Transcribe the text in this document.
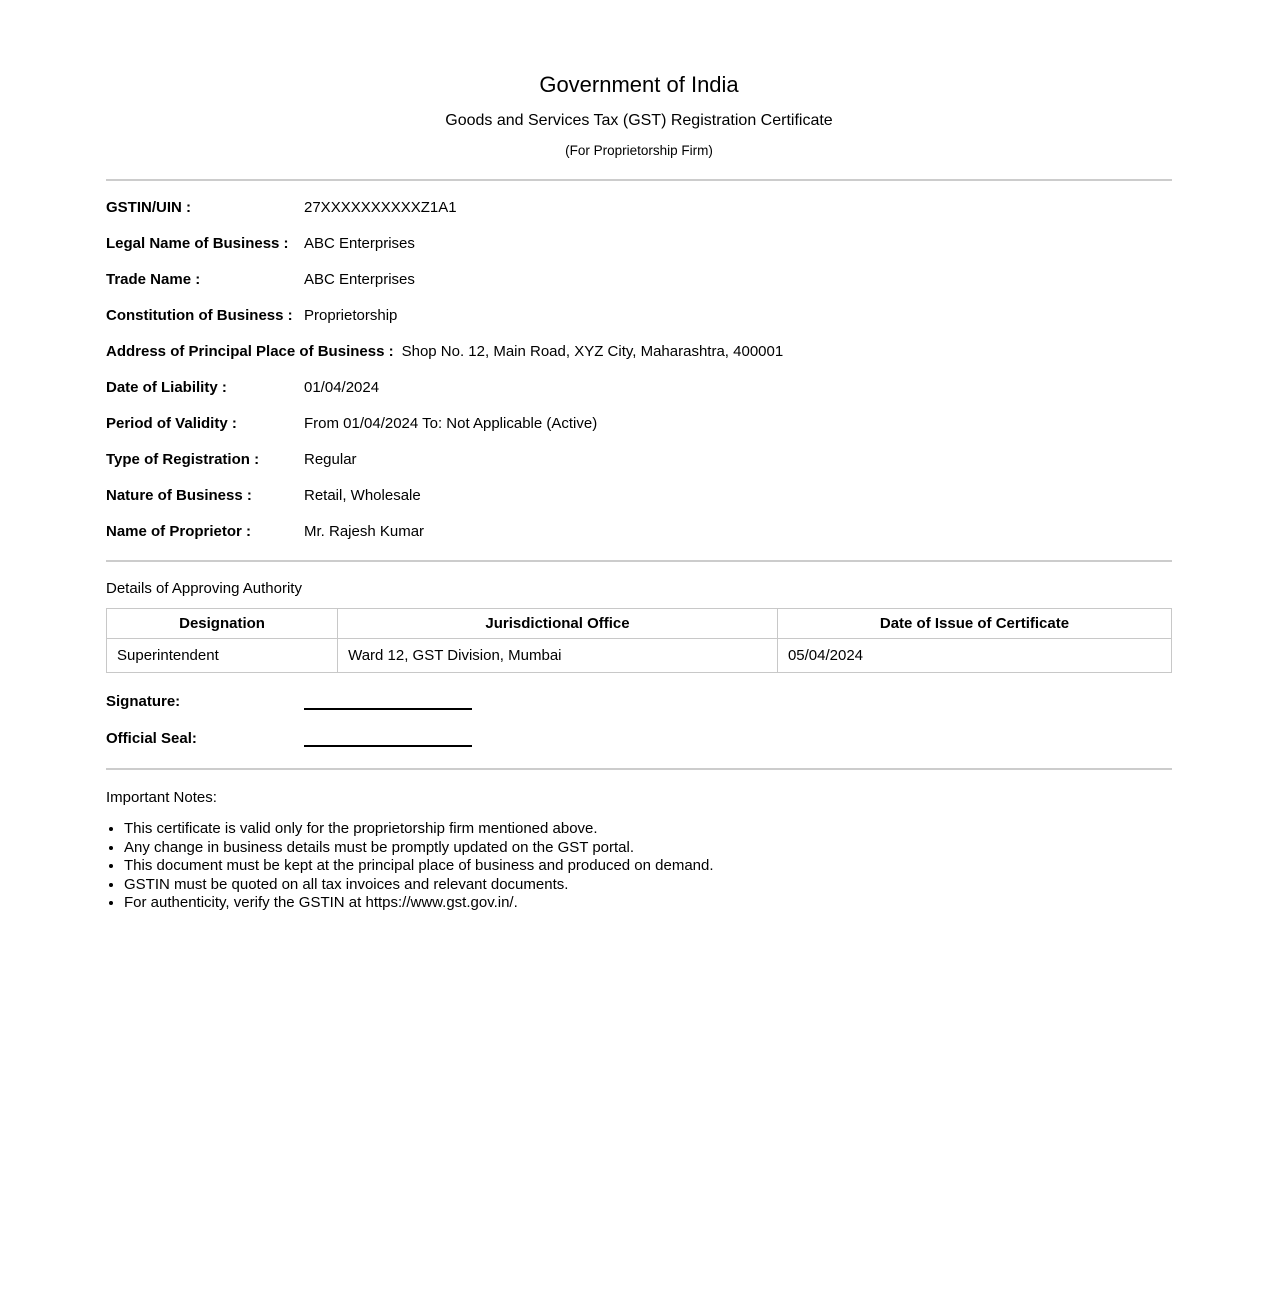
Government of India
Goods and Services Tax (GST) Registration Certificate
(For Proprietorship Firm)

GSTIN/UIN :	27XXXXXXXXXXZ1A1

Legal Name of Business : ABC Enterprises

Trade Name :	ABC Enterprises

Constitution of Business : Proprietorship

Address of Principal Place of Business : Shop No. 12, Main Road, XYZ City, Maharashtra, 400001

Date of Liability :	01/04/2024

Period of Validity :	From 01/04/2024 To: Not Applicable (Active)

Type of Registration :	Regular

Nature of Business :	Retail, Wholesale

Name of Proprietor :	Mr. Rajesh Kumar

Details of Approving Authority
Designation	Jurisdictional Office	Date of Issue of Certificate
Superintendent	Ward 12, GST Division, Mumbai	05/04/2024

Signature:

Official Seal:

Important Notes:

• This certificate is valid only for the proprietorship firm mentioned above.
• Any change in business details must be promptly updated on the GST portal.
• This document must be kept at the principal place of business and produced on demand.
• GSTIN must be quoted on all tax invoices and relevant documents.
• For authenticity, verify the GSTIN at https://www.gst.gov.in/.
